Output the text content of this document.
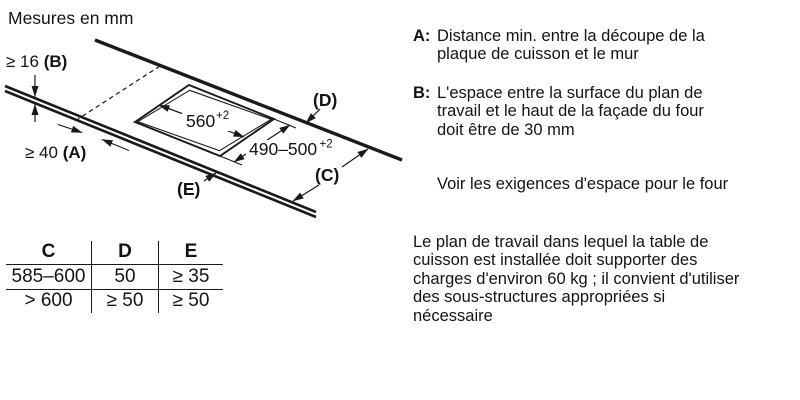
Mesures en mm
≥ 16 (B)
≥ 40 (A)
560 +2
490–500 +2
(D)
(C)
(E)
C	D	E
585–600	50	≥ 35
> 600	≥ 50	≥ 50
A: Distance min. entre la découpe de la
plaque de cuisson et le mur
B: L'espace entre la surface du plan de
travail et le haut de la façade du four
doit être de 30 mm
Voir les exigences d'espace pour le four
Le plan de travail dans lequel la table de
cuisson est installée doit supporter des
charges d'environ 60 kg ; il convient d'utiliser
des sous-structures appropriées si
nécessaire
